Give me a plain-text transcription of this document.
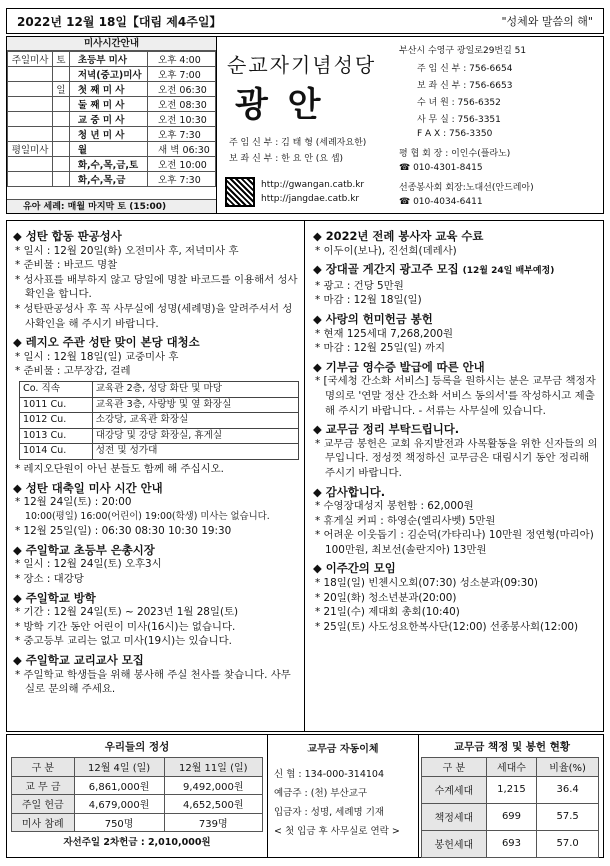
2022년 12월 18일【대림 제4주일】	"성체와 말씀의 해"
미사시간안내
주일미사	토	초등부 미사	오후 4:00
		저녁(중고)미사	오후 7:00
	일	첫 째 미 사	오전 06:30
		둘 째 미 사	오전 08:30
		교 중 미 사	오전 10:30
		청 년 미 사	오후 7:30
평일미사		월	새 벽 06:30
		화,수,목,금,토	오전 10:00
		화,수,목,금	오후 7:30
유아 세례: 매월 마지막 토 (15:00)
순교자기념성당
광 안
주 임 신 부 : 김 태 형 (세례자요한)
보 좌 신 부 : 한 요 안 (요 셉)
http://gwangan.catb.kr
http://jangdae.catb.kr
부산시 수영구 광일로29번길 51
주 임 신 부 : 756-6654
보 좌 신 부 : 756-6653
수 녀 원 : 756-6352
사 무 실 : 756-3351
F A X : 756-3350
평 협 회 장 : 이인수(플라노)
☎ 010-4301-8415
선종봉사회 회장:노대선(안드레아)
☎ 010-4034-6411
◆ 성탄 합동 판공성사
* 일시 : 12월 20일(화) 오전미사 후, 저녁미사 후
* 준비물 : 바코드 명찰
* 성사표를 배부하지 않고 당일에 명찰 바코드를 이용해서 성사확인을 합니다.
* 성탄판공성사 후 꼭 사무실에 성명(세례명)을 알려주셔서 성사확인을 해 주시기 바랍니다.
◆ 레지오 주관 성탄 맞이 본당 대청소
* 일시 : 12월 18일(일) 교중미사 후
* 준비물 : 고무장갑, 걸레
Co. 직속	교육관 2층, 성당 화단 및 마당
1011 Cu.	교육관 3층, 사랑방 및 옆 화장실
1012 Cu.	소강당, 교육관 화장실
1013 Cu.	대강당 및 강당 화장실, 휴게실
1014 Cu.	성전 및 성가대
* 레지오단원이 아닌 분들도 함께 해 주십시오.
◆ 성탄 대축일 미사 시간 안내
* 12월 24일(토) : 20:00
10:00(평일) 16:00(어린이) 19:00(학생) 미사는 없습니다.
* 12월 25일(일) : 06:30 08:30 10:30 19:30
◆ 주일학교 초등부 은총시장
* 일시 : 12월 24일(토) 오후3시
* 장소 : 대강당
◆ 주일학교 방학
* 기간 : 12월 24일(토) ~ 2023년 1월 28일(토)
* 방학 기간 동안 어린이 미사(16시)는 없습니다.
* 중고등부 교리는 없고 미사(19시)는 있습니다.
◆ 주일학교 교리교사 모집
* 주일학교 학생들을 위해 봉사해 주실 천사를 찾습니다. 사무실로 문의해 주세요.
◆ 2022년 전례 봉사자 교육 수료
* 이두이(보나), 진선희(데레사)
◆ 장대골 게간지 광고주 모집 (12월 24일 배부예정)
* 광고 : 건당 5만원
* 마감 : 12월 18일(일)
◆ 사랑의 헌미헌금 봉헌
* 현재 125세대 7,268,200원
* 마감 : 12월 25일(일) 까지
◆ 기부금 영수증 발급에 따른 안내
* [국세청 간소화 서비스] 등록을 원하시는 분은 교무금 책정자 명의로 '연말 정산 간소화 서비스 동의서'를 작성하시고 제출해 주시기 바랍니다. - 서류는 사무실에 있습니다.
◆ 교무금 정리 부탁드립니다.
* 교무금 봉헌은 교회 유지발전과 사목활동을 위한 신자들의 의무입니다. 정성껏 책정하신 교무금은 대림시기 동안 정리해 주시기 바랍니다.
◆ 감사합니다.
* 수영장대성지 봉헌함 : 62,000원
* 휴게실 커피 : 하영순(엘리사벳) 5만원
* 어려운 이웃돕기 : 김순덕(가타리나) 10만원 정연형(마리아) 100만원, 최보선(솔란지아) 13만원
◆ 이주간의 모임
* 18일(일) 빈첸시오회(07:30) 성소분과(09:30)
* 20일(화) 청소년분과(20:00)
* 21일(수) 제대회 총회(10:40)
* 25일(토) 사도성요한복사단(12:00) 선종봉사회(12:00)
우리들의 정성
구 분	12월 4일 (일)	12월 11일 (일)
교 무 금	6,861,000원	9,492,000원
주일 헌금	4,679,000원	4,652,500원
미사 참례	750명	739명
자선주일 2차헌금 : 2,010,000원
교무금 자동이체
신 협 : 134-000-314104
예금주 : (천) 부산교구
입금자 : 성명, 세례명 기재
< 첫 입금 후 사무실로 연락 >
교무금 책정 및 봉헌 현황
구 분	세대수	비율(%)
수계세대	1,215	36.4
책정세대	699	57.5
봉헌세대	693	57.0
